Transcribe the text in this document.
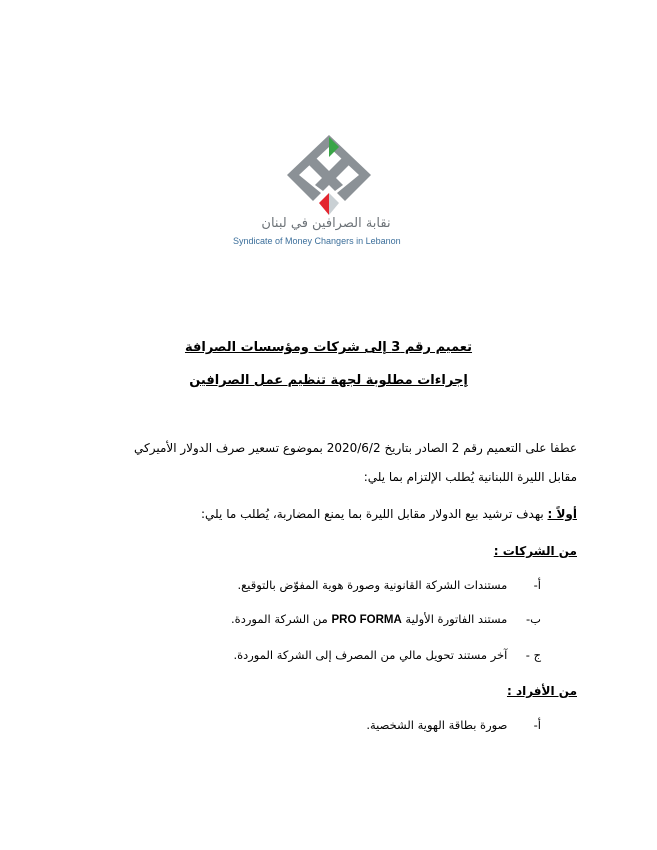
نقابة الصرافين في لبنان
Syndicate of Money Changers in Lebanon
تعميم رقم 3 إلى شركات ومؤسسات الصرافة
إجراءات مطلوبة لجهة تنظيم عمل الصرافين
عطفا على التعميم رقم 2 الصادر بتاريخ 2020/6/2 بموضوع تسعير صرف الدولار الأميركي
مقابل الليرة اللبنانية يُطلب الإلتزام بما يلي:
أولاً : بهدف ترشيد بيع الدولار مقابل الليرة بما يمنع المضاربة، يُطلب ما يلي:
من الشركات :
أ- مستندات الشركة القانونية وصورة هوية المفوّض بالتوقيع.
ب- مستند الفاتورة الأولية PRO FORMA من الشركة الموردة.
ج - آخر مستند تحويل مالي من المصرف إلى الشركة الموردة.
من الأفراد :
أ- صورة بطاقة الهوية الشخصية.
